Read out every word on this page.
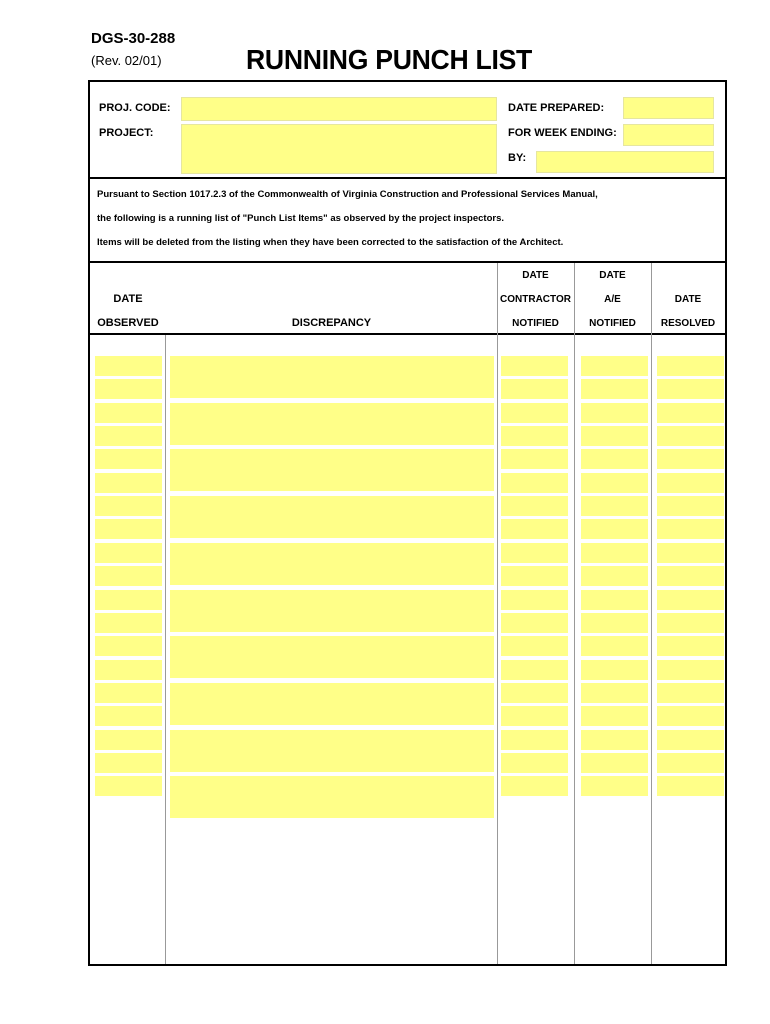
DGS-30-288
(Rev. 02/01)	RUNNING PUNCH LIST
PROJ. CODE:
PROJECT:
DATE PREPARED:
FOR WEEK ENDING:
BY:
Pursuant to Section 1017.2.3 of the Commonwealth of Virginia Construction and Professional Services Manual,
the following is a running list of "Punch List Items" as observed by the project inspectors.
Items will be deleted from the listing when they have been corrected to the satisfaction of the Architect.
DATE
OBSERVED	DISCREPANCY
DATE
CONTRACTOR
NOTIFIED
DATE
A/E
NOTIFIED
DATE
RESOLVED
